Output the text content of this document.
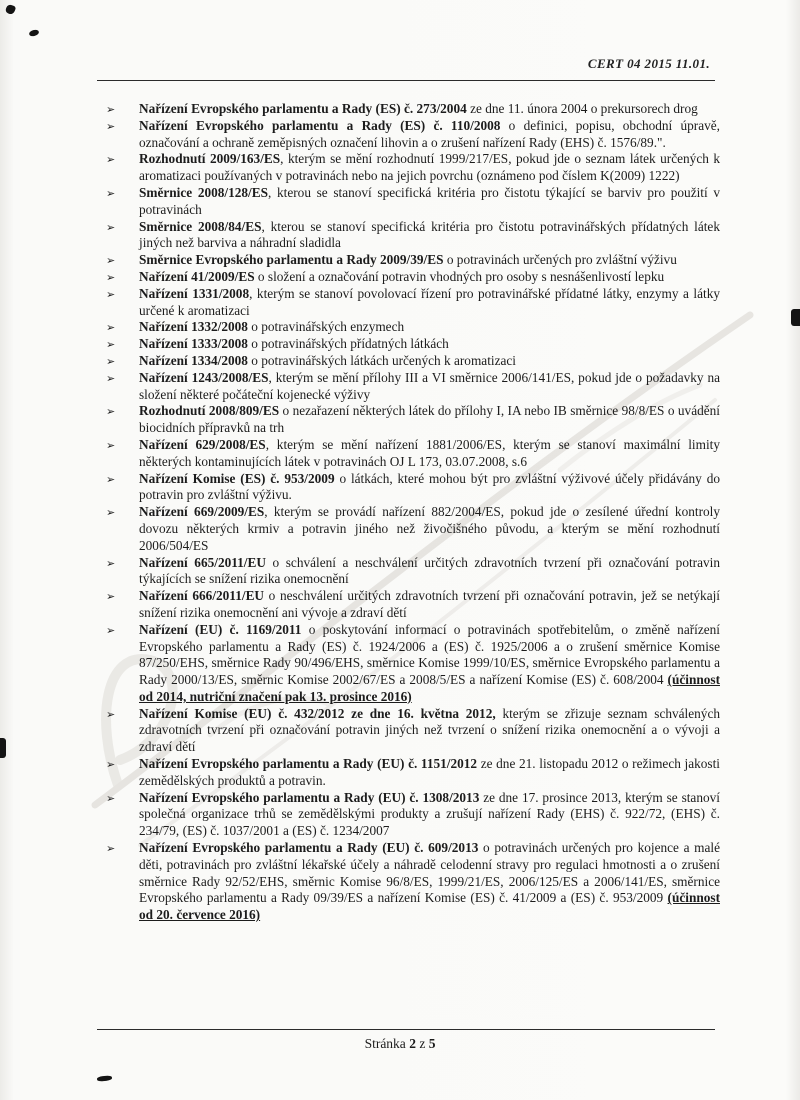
CERT 04 2015 11.01.
➢ Nařízení Evropského parlamentu a Rady (ES) č. 273/2004 ze dne 11. února 2004 o prekursorech drog
➢ Nařízení Evropského parlamentu a Rady (ES) č. 110/2008 o definici, popisu, obchodní úpravě, označování a ochraně zeměpisných označení lihovin a o zrušení nařízení Rady (EHS) č. 1576/89.".
➢ Rozhodnutí 2009/163/ES, kterým se mění rozhodnutí 1999/217/ES, pokud jde o seznam látek určených k aromatizaci používaných v potravinách nebo na jejich povrchu (oznámeno pod číslem K(2009) 1222)
➢ Směrnice 2008/128/ES, kterou se stanoví specifická kritéria pro čistotu týkající se barviv pro použití v potravinách
➢ Směrnice 2008/84/ES, kterou se stanoví specifická kritéria pro čistotu potravinářských přídatných látek jiných než barviva a náhradní sladidla
➢ Směrnice Evropského parlamentu a Rady 2009/39/ES o potravinách určených pro zvláštní výživu
➢ Nařízení 41/2009/ES o složení a označování potravin vhodných pro osoby s nesnášenlivostí lepku
➢ Nařízení 1331/2008, kterým se stanoví povolovací řízení pro potravinářské přídatné látky, enzymy a látky určené k aromatizaci
➢ Nařízení 1332/2008 o potravinářských enzymech
➢ Nařízení 1333/2008 o potravinářských přídatných látkách
➢ Nařízení 1334/2008 o potravinářských látkách určených k aromatizaci
➢ Nařízení 1243/2008/ES, kterým se mění přílohy III a VI směrnice 2006/141/ES, pokud jde o požadavky na složení některé počáteční kojenecké výživy
➢ Rozhodnutí 2008/809/ES o nezařazení některých látek do přílohy I, IA nebo IB směrnice 98/8/ES o uvádění biocidních přípravků na trh
➢ Nařízení 629/2008/ES, kterým se mění nařízení 1881/2006/ES, kterým se stanoví maximální limity některých kontaminujících látek v potravinách OJ L 173, 03.07.2008, s.6
➢ Nařízení Komise (ES) č. 953/2009 o látkách, které mohou být pro zvláštní výživové účely přidávány do potravin pro zvláštní výživu.
➢ Nařízení 669/2009/ES, kterým se provádí nařízení 882/2004/ES, pokud jde o zesílené úřední kontroly dovozu některých krmiv a potravin jiného než živočišného původu, a kterým se mění rozhodnutí 2006/504/ES
➢ Nařízení 665/2011/EU o schválení a neschválení určitých zdravotních tvrzení při označování potravin týkajících se snížení rizika onemocnění
➢ Nařízení 666/2011/EU o neschválení určitých zdravotních tvrzení při označování potravin, jež se netýkají snížení rizika onemocnění ani vývoje a zdraví dětí
➢ Nařízení (EU) č. 1169/2011 o poskytování informací o potravinách spotřebitelům, o změně nařízení Evropského parlamentu a Rady (ES) č. 1924/2006 a (ES) č. 1925/2006 a o zrušení směrnice Komise 87/250/EHS, směrnice Rady 90/496/EHS, směrnice Komise 1999/10/ES, směrnice Evropského parlamentu a Rady 2000/13/ES, směrnic Komise 2002/67/ES a 2008/5/ES a nařízení Komise (ES) č. 608/2004 (účinnost od 2014, nutriční značení pak 13. prosince 2016)
➢ Nařízení Komise (EU) č. 432/2012 ze dne 16. května 2012, kterým se zřizuje seznam schválených zdravotních tvrzení při označování potravin jiných než tvrzení o snížení rizika onemocnění a o vývoji a zdraví dětí
➢ Nařízení Evropského parlamentu a Rady (EU) č. 1151/2012 ze dne 21. listopadu 2012 o režimech jakosti zemědělských produktů a potravin.
➢ Nařízení Evropského parlamentu a Rady (EU) č. 1308/2013 ze dne 17. prosince 2013, kterým se stanoví společná organizace trhů se zemědělskými produkty a zrušují nařízení Rady (EHS) č. 922/72, (EHS) č. 234/79, (ES) č. 1037/2001 a (ES) č. 1234/2007
➢ Nařízení Evropského parlamentu a Rady (EU) č. 609/2013 o potravinách určených pro kojence a malé děti, potravinách pro zvláštní lékařské účely a náhradě celodenní stravy pro regulaci hmotnosti a o zrušení směrnice Rady 92/52/EHS, směrnic Komise 96/8/ES, 1999/21/ES, 2006/125/ES a 2006/141/ES, směrnice Evropského parlamentu a Rady 09/39/ES a nařízení Komise (ES) č. 41/2009 a (ES) č. 953/2009 (účinnost od 20. července 2016)
Stránka 2 z 5
